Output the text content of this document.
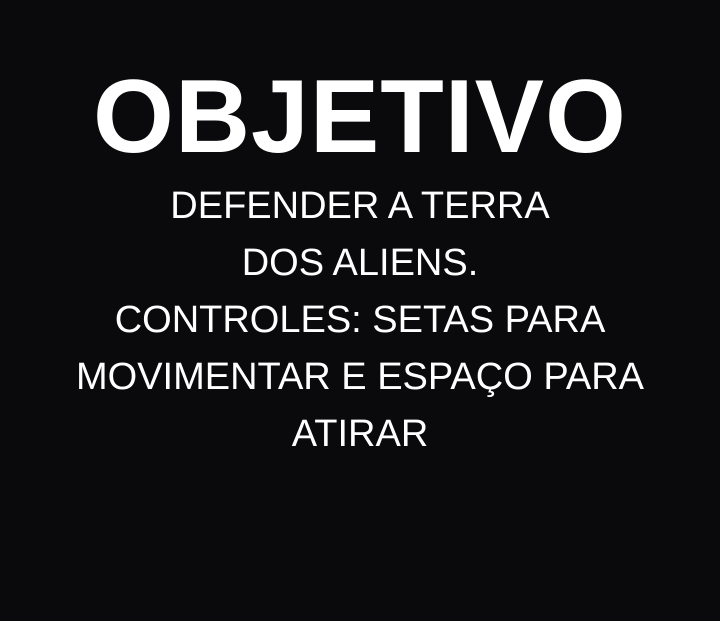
OBJETIVO
DEFENDER A TERRA
DOS ALIENS.
CONTROLES: SETAS PARA
MOVIMENTAR E ESPAÇO PARA
ATIRAR
